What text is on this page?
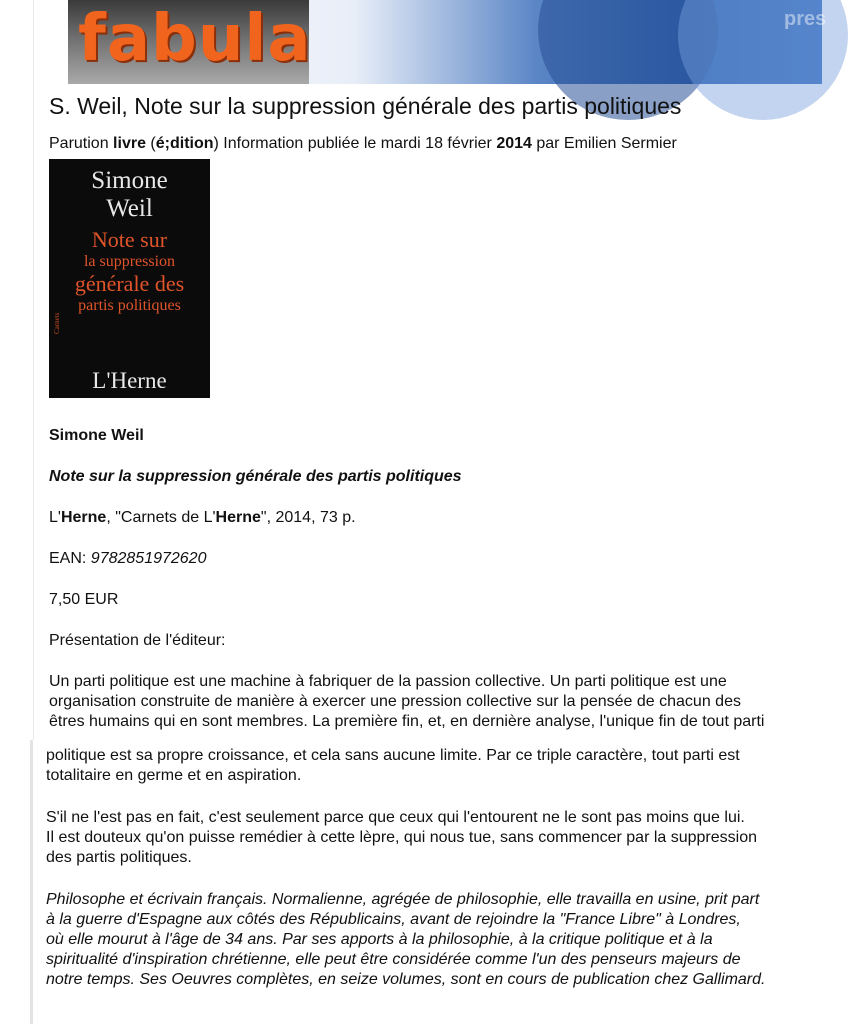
pres
fabula
S. Weil, Note sur la suppression générale des partis politiques
Parution livre (é;dition) Information publiée le mardi 18 février 2014 par Emilien Sermier
Simone
Weil
Note sur
la suppression
générale des
partis politiques
Carnets
L'Herne
Simone Weil
Note sur la suppression générale des partis politiques
L'Herne, "Carnets de L'Herne", 2014, 73 p.
EAN: 9782851972620
7,50 EUR
Présentation de l'éditeur:

Un parti politique est une machine à fabriquer de la passion collective. Un parti politique est une

organisation construite de manière à exercer une pression collective sur la pensée de chacun des

êtres humains qui en sont membres. La première fin, et, en dernière analyse, l'unique fin de tout parti

politique est sa propre croissance, et cela sans aucune limite. Par ce triple caractère, tout parti est

totalitaire en germe et en aspiration.

S'il ne l'est pas en fait, c'est seulement parce que ceux qui l'entourent ne le sont pas moins que lui.

Il est douteux qu'on puisse remédier à cette lèpre, qui nous tue, sans commencer par la suppression

des partis politiques.

Philosophe et écrivain français. Normalienne, agrégée de philosophie, elle travailla en usine, prit part

à la guerre d'Espagne aux côtés des Républicains, avant de rejoindre la "France Libre" à Londres,

où elle mourut à l'âge de 34 ans. Par ses apports à la philosophie, à la critique politique et à la

spiritualité d'inspiration chrétienne, elle peut être considérée comme l'un des penseurs majeurs de

notre temps. Ses Oeuvres complètes, en seize volumes, sont en cours de publication chez Gallimard.
